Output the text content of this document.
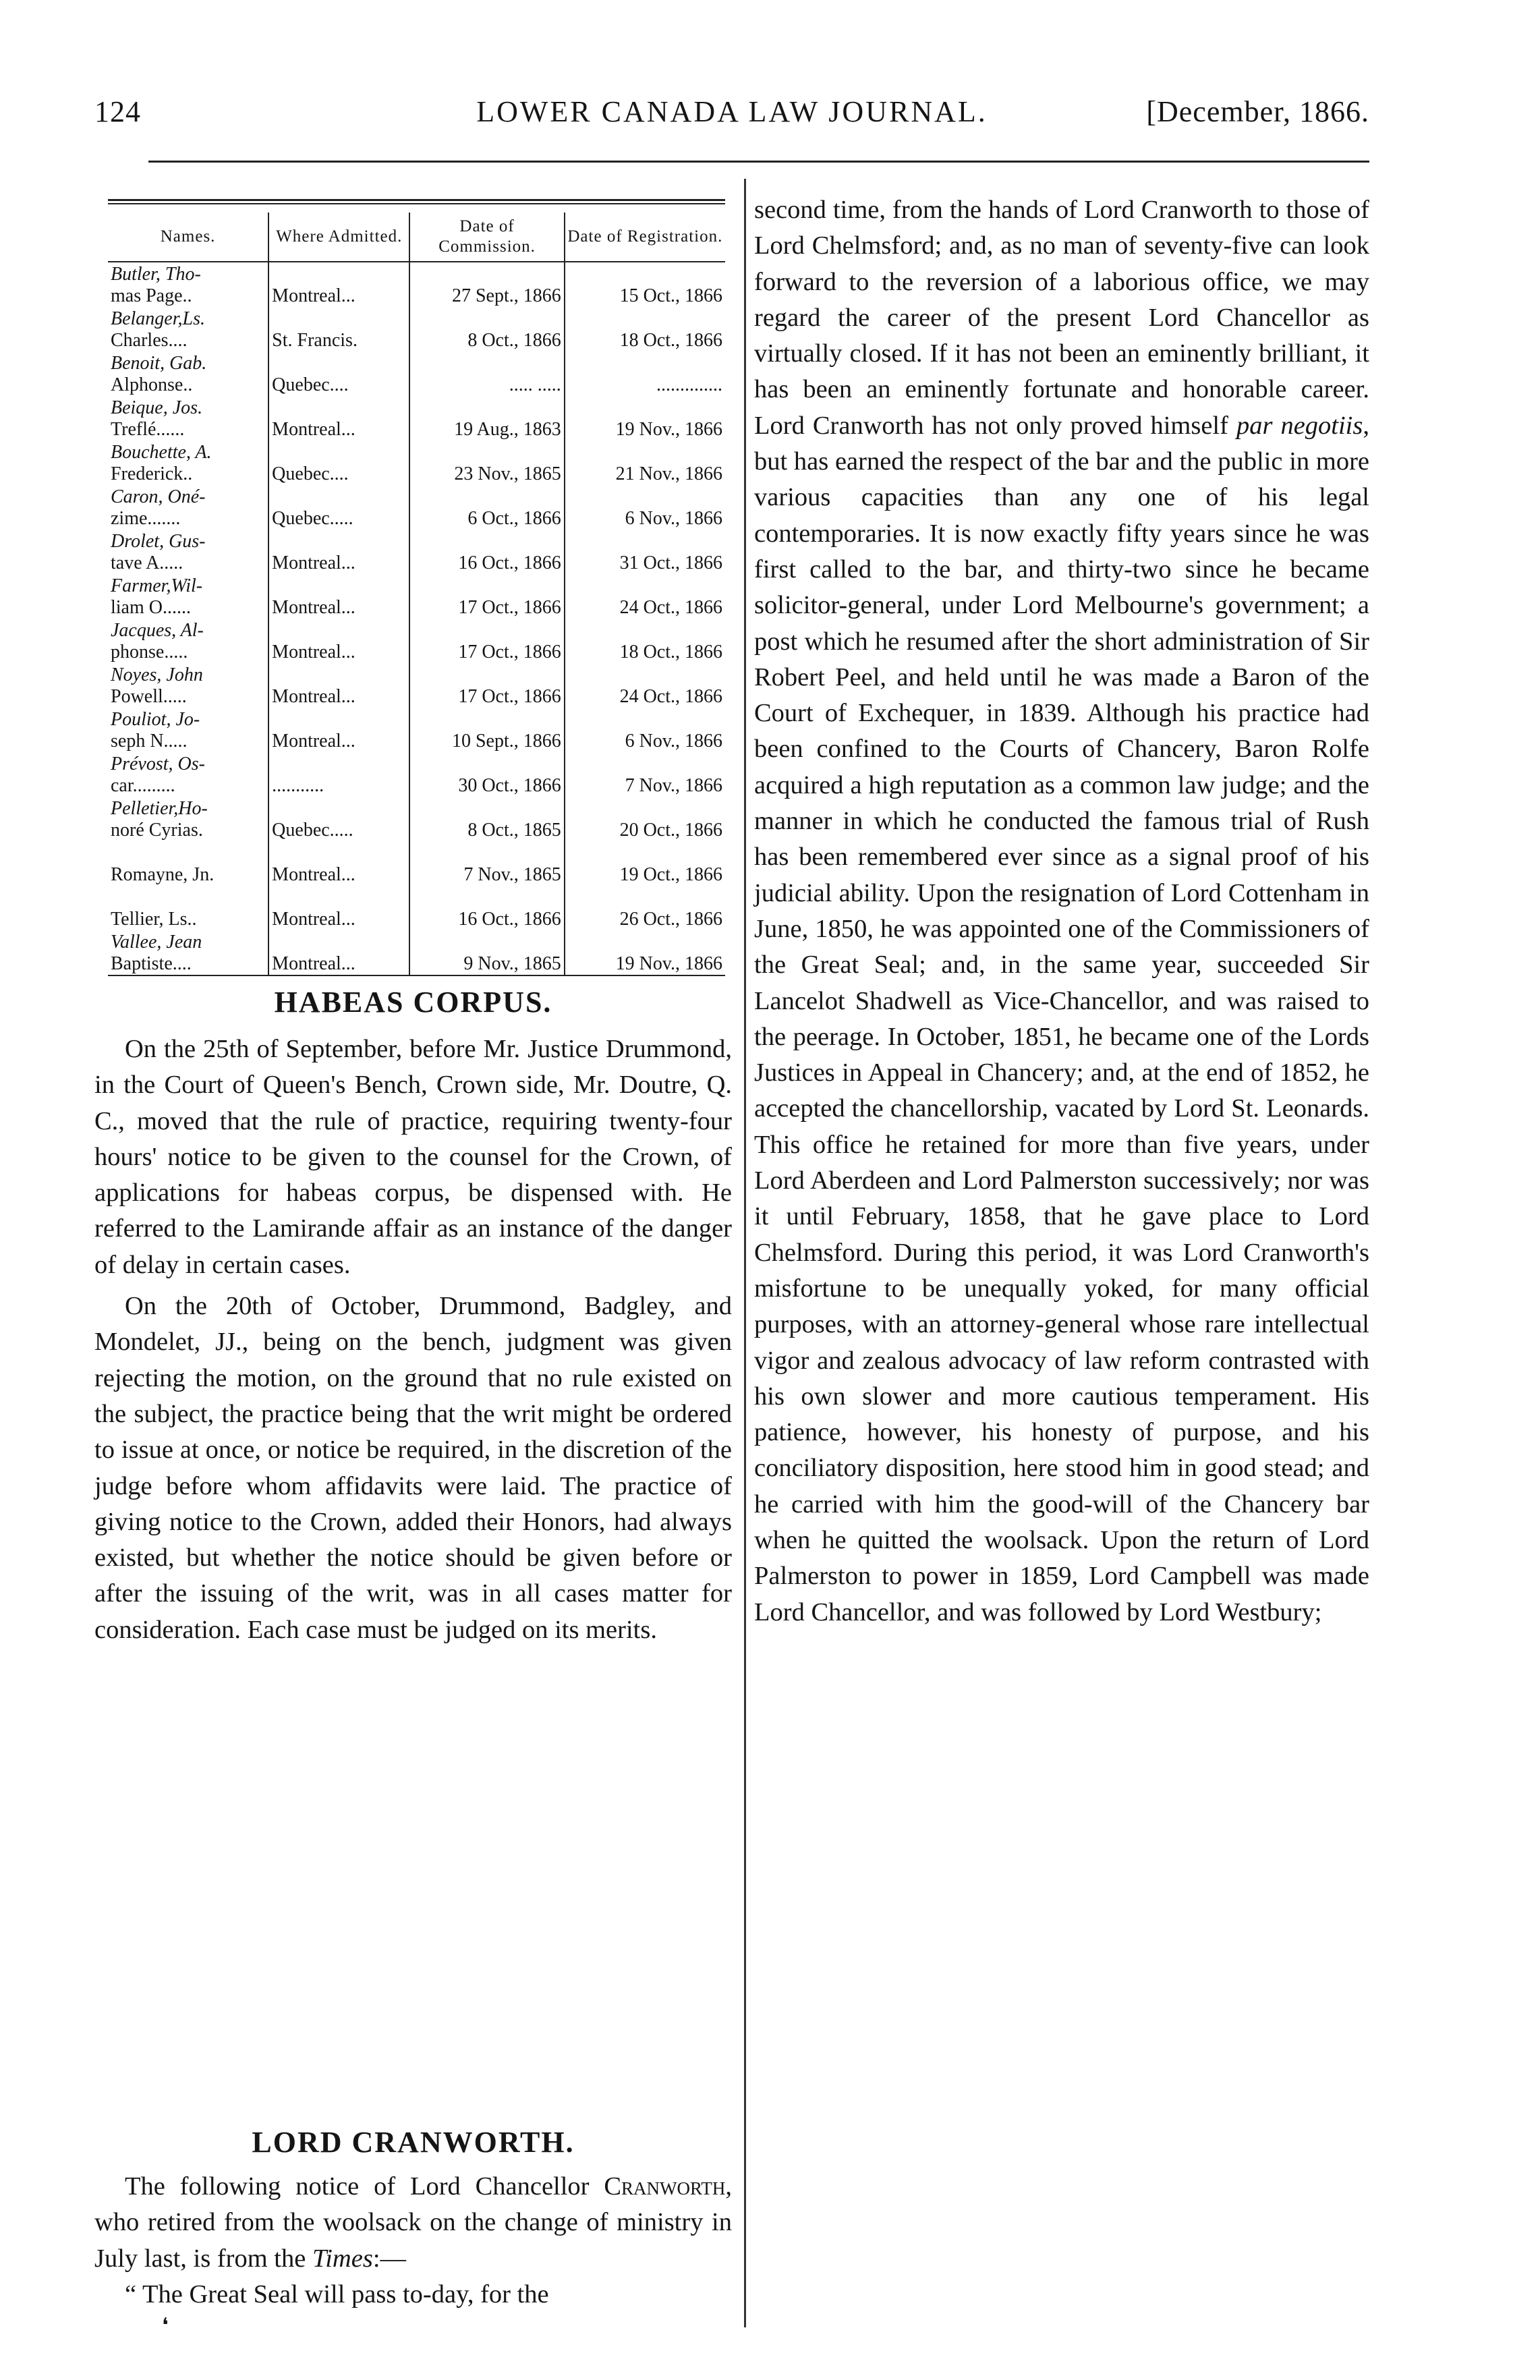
124	LOWER CANADA LAW JOURNAL.	[December, 1866.
Names.	Where Admitted.	Date of Commission.	Date of Registration.
Butler, Tho-
mas Page..	Montreal...	27 Sept., 1866	15 Oct., 1866
Belanger,Ls.
Charles....	St. Francis.	8 Oct., 1866	18 Oct., 1866
Benoit, Gab.
Alphonse..	Quebec....	..... .....	..............
Beique, Jos.
Treflé......	Montreal...	19 Aug., 1863	19 Nov., 1866
Bouchette, A.
Frederick..	Quebec....	23 Nov., 1865	21 Nov., 1866
Caron, Oné-
zime.......	Quebec.....	6 Oct., 1866	6 Nov., 1866
Drolet, Gus-
tave A.....	Montreal...	16 Oct., 1866	31 Oct., 1866
Farmer,Wil-
liam O......	Montreal...	17 Oct., 1866	24 Oct., 1866
Jacques, Al-
phonse.....	Montreal...	17 Oct., 1866	18 Oct., 1866
Noyes, John
Powell.....	Montreal...	17 Oct., 1866	24 Oct., 1866
Pouliot, Jo-
seph N.....	Montreal...	10 Sept., 1866	6 Nov., 1866
Prévost, Os-
car.........	...........	30 Oct., 1866	7 Nov., 1866
Pelletier,Ho-
noré Cyrias.	Quebec.....	8 Oct., 1865	20 Oct., 1866
Romayne, Jn.	Montreal...	7 Nov., 1865	19 Oct., 1866
Tellier, Ls..	Montreal...	16 Oct., 1866	26 Oct., 1866
Vallee, Jean
Baptiste....	Montreal...	9 Nov., 1865	19 Nov., 1866
HABEAS CORPUS.

On the 25th of September, before Mr. Justice Drummond, in the Court of Queen's Bench, Crown side, Mr. Doutre, Q. C., moved that the rule of practice, requiring twenty-four hours' notice to be given to the counsel for the Crown, of applications for habeas corpus, be dispensed with. He referred to the Lamirande affair as an instance of the danger of delay in certain cases.

On the 20th of October, Drummond, Badgley, and Mondelet, JJ., being on the bench, judgment was given rejecting the motion, on the ground that no rule existed on the subject, the practice being that the writ might be ordered to issue at once, or notice be required, in the discretion of the judge before whom affidavits were laid. The practice of giving notice to the Crown, added their Honors, had always existed, but whether the notice should be given before or after the issuing of the writ, was in all cases matter for consideration. Each case must be judged on its merits.

LORD CRANWORTH.

The following notice of Lord Chancellor Cranworth, who retired from the woolsack on the change of ministry in July last, is from the Times:—

“ The Great Seal will pass to-day, for the

second time, from the hands of Lord Cranworth to those of Lord Chelmsford; and, as no man of seventy-five can look forward to the reversion of a laborious office, we may regard the career of the present Lord Chancellor as virtually closed. If it has not been an eminently brilliant, it has been an eminently fortunate and honorable career. Lord Cranworth has not only proved himself par negotiis, but has earned the respect of the bar and the public in more various capacities than any one of his legal contemporaries. It is now exactly fifty years since he was first called to the bar, and thirty-two since he became solicitor-general, under Lord Melbourne's government; a post which he resumed after the short administration of Sir Robert Peel, and held until he was made a Baron of the Court of Exchequer, in 1839. Although his practice had been confined to the Courts of Chancery, Baron Rolfe acquired a high reputation as a common law judge; and the manner in which he conducted the famous trial of Rush has been remembered ever since as a signal proof of his judicial ability. Upon the resignation of Lord Cottenham in June, 1850, he was appointed one of the Commissioners of the Great Seal; and, in the same year, succeeded Sir Lancelot Shadwell as Vice-Chancellor, and was raised to the peerage. In October, 1851, he became one of the Lords Justices in Appeal in Chancery; and, at the end of 1852, he accepted the chancellorship, vacated by Lord St. Leonards. This office he retained for more than five years, under Lord Aberdeen and Lord Palmerston successively; nor was it until February, 1858, that he gave place to Lord Chelmsford. During this period, it was Lord Cranworth's misfortune to be unequally yoked, for many official purposes, with an attorney-general whose rare intellectual vigor and zealous advocacy of law reform contrasted with his own slower and more cautious temperament. His patience, however, his honesty of purpose, and his conciliatory disposition, here stood him in good stead; and he carried with him the good-will of the Chancery bar when he quitted the woolsack. Upon the return of Lord Palmerston to power in 1859, Lord Campbell was made Lord Chancellor, and was followed by Lord Westbury;

❛
